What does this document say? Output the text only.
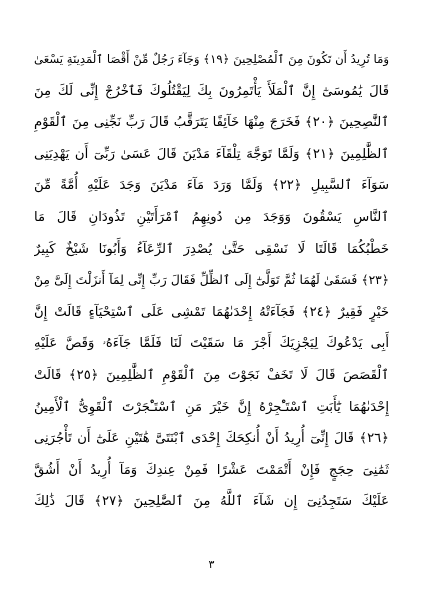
وَمَا تُرِيدُ أَن تَكُونَ مِنَ ٱلْمُصْلِحِينَ ﴿١٩﴾ وَجَآءَ رَجُلٌ مِّنْ أَقْصَا ٱلْمَدِينَةِ يَسْعَىٰ
قَالَ يَٰمُوسَىٰٓ إِنَّ ٱلْمَلَأَ يَأْتَمِرُونَ بِكَ لِيَقْتُلُوكَ فَٱخْرُجْ إِنِّى لَكَ مِنَ
ٱلنَّٰصِحِينَ ﴿٢٠﴾ فَخَرَجَ مِنْهَا خَآئِفًا يَتَرَقَّبُ قَالَ رَبِّ نَجِّنِى مِنَ ٱلْقَوْمِ
ٱلظَّٰلِمِينَ ﴿٢١﴾ وَلَمَّا تَوَجَّهَ تِلْقَآءَ مَدْيَنَ قَالَ عَسَىٰ رَبِّىٓ أَن يَهْدِيَنِى
سَوَآءَ ٱلسَّبِيلِ ﴿٢٢﴾ وَلَمَّا وَرَدَ مَآءَ مَدْيَنَ وَجَدَ عَلَيْهِ أُمَّةً مِّنَ
ٱلنَّاسِ يَسْقُونَ وَوَجَدَ مِن دُونِهِمُ ٱمْرَأَتَيْنِ تَذُودَانِ قَالَ مَا
خَطْبُكُمَا قَالَتَا لَا نَسْقِى حَتَّىٰ يُصْدِرَ ٱلرِّعَآءُ وَأَبُونَا شَيْخٌ كَبِيرٌ
﴿٢٣﴾ فَسَقَىٰ لَهُمَا ثُمَّ تَوَلَّىٰٓ إِلَى ٱلظِّلِّ فَقَالَ رَبِّ إِنِّى لِمَآ أَنزَلْتَ إِلَىَّ مِنْ
خَيْرٍ فَقِيرٌ ﴿٢٤﴾ فَجَآءَتْهُ إِحْدَىٰهُمَا تَمْشِى عَلَى ٱسْتِحْيَآءٍ قَالَتْ إِنَّ
أَبِى يَدْعُوكَ لِيَجْزِيَكَ أَجْرَ مَا سَقَيْتَ لَنَا فَلَمَّا جَآءَهُۥ وَقَصَّ عَلَيْهِ
ٱلْقَصَصَ قَالَ لَا تَخَفْ نَجَوْتَ مِنَ ٱلْقَوْمِ ٱلظَّٰلِمِينَ ﴿٢٥﴾ قَالَتْ
إِحْدَىٰهُمَا يَٰٓأَبَتِ ٱسْتَـْٔجِرْهُ إِنَّ خَيْرَ مَنِ ٱسْتَـْٔجَرْتَ ٱلْقَوِىُّ ٱلْأَمِينُ
﴿٢٦﴾ قَالَ إِنِّىٓ أُرِيدُ أَنْ أُنكِحَكَ إِحْدَى ٱبْنَتَىَّ هَٰتَيْنِ عَلَىٰٓ أَن تَأْجُرَنِى
ثَمَٰنِىَ حِجَجٍ فَإِنْ أَتْمَمْتَ عَشْرًا فَمِنْ عِندِكَ وَمَآ أُرِيدُ أَنْ أَشُقَّ
عَلَيْكَ سَتَجِدُنِىٓ إِن شَآءَ ٱللَّهُ مِنَ ٱلصَّٰلِحِينَ ﴿٢٧﴾ قَالَ ذَٰلِكَ
٣
